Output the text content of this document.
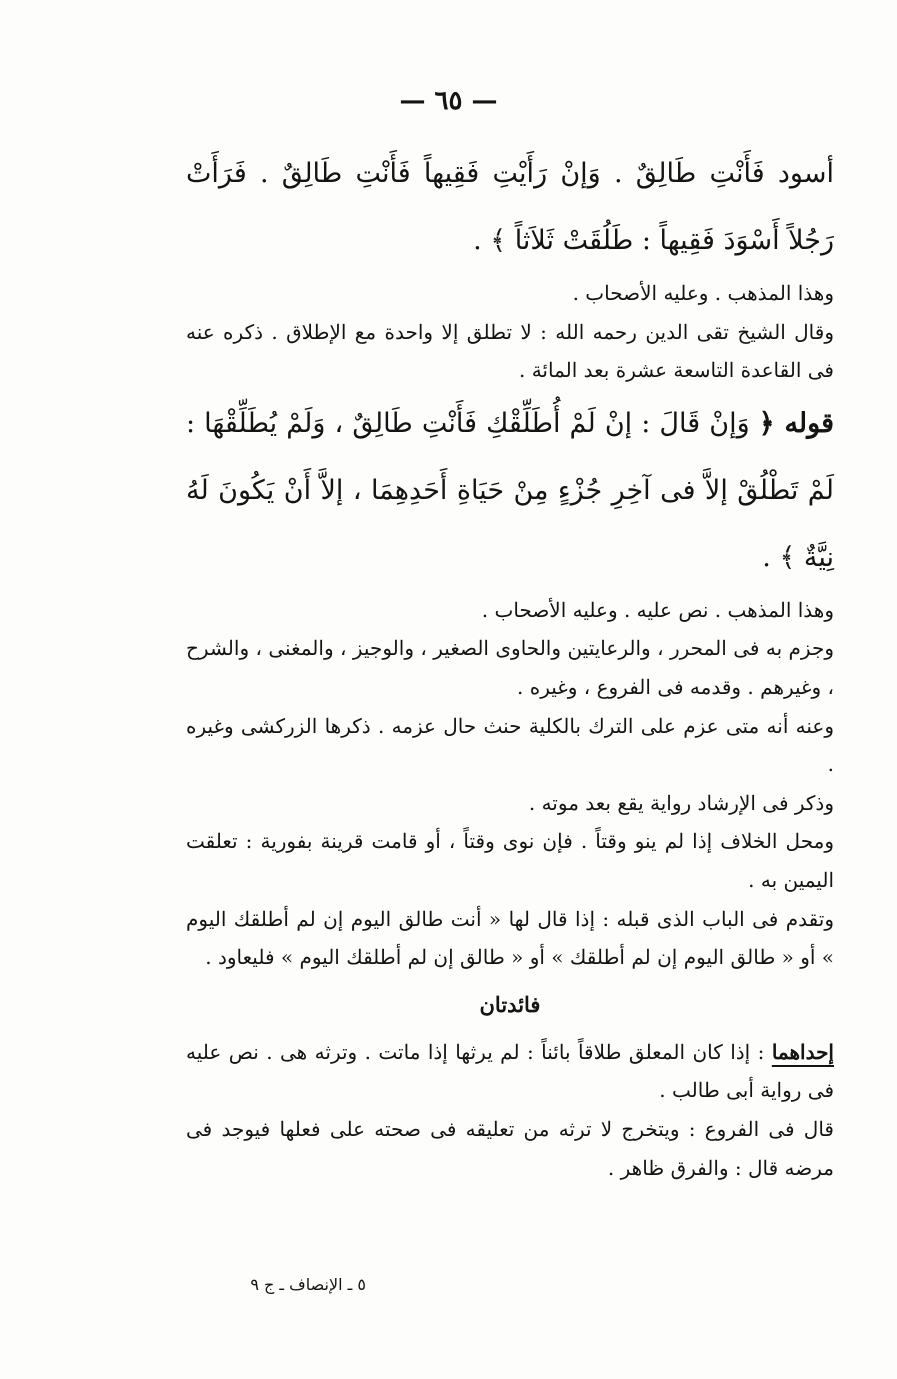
— ٦٥ —

أسود فَأَنْتِ طَالِقٌ . وَإنْ رَأَيْتِ فَقِيهاً فَأَنْتِ طَالِقٌ . فَرَأَتْ رَجُلاً أَسْوَدَ فَقِيهاً : طَلُقَتْ ثَلاَثاً ﴾ .

وهذا المذهب . وعليه الأصحاب .

وقال الشيخ تقى الدين رحمه الله : لا تطلق إلا واحدة مع الإطلاق . ذكره عنه فى القاعدة التاسعة عشرة بعد المائة .

قوله ﴿ وَإنْ قَالَ : إنْ لَمْ أُطَلِّقْكِ فَأَنْتِ طَالِقٌ ، وَلَمْ يُطَلِّقْهَا : لَمْ تَطْلُقْ إلاَّ فى آخِرِ جُزْءٍ مِنْ حَيَاةِ أَحَدِهِمَا ، إلاَّ أَنْ يَكُونَ لَهُ نِيَّةٌ ﴾ .

وهذا المذهب . نص عليه . وعليه الأصحاب .

وجزم به فى المحرر ، والرعايتين والحاوى الصغير ، والوجيز ، والمغنى ، والشرح ، وغيرهم . وقدمه فى الفروع ، وغيره .

وعنه أنه متى عزم على الترك بالكلية حنث حال عزمه . ذكرها الزركشى وغيره .

وذكر فى الإرشاد رواية يقع بعد موته .

ومحل الخلاف إذا لم ينو وقتاً . فإن نوى وقتاً ، أو قامت قرينة بفورية : تعلقت اليمين به .

وتقدم فى الباب الذى قبله : إذا قال لها « أنت طالق اليوم إن لم أطلقك اليوم » أو « طالق اليوم إن لم أطلقك » أو « طالق إن لم أطلقك اليوم » فليعاود .

فائدتان

إحداهما : إذا كان المعلق طلاقاً بائناً : لم يرثها إذا ماتت . وترثه هى . نص عليه فى رواية أبى طالب .

قال فى الفروع : ويتخرج لا ترثه من تعليقه فى صحته على فعلها فيوجد فى مرضه قال : والفرق ظاهر .

٥ ـ الإنصاف ـ ج ٩
